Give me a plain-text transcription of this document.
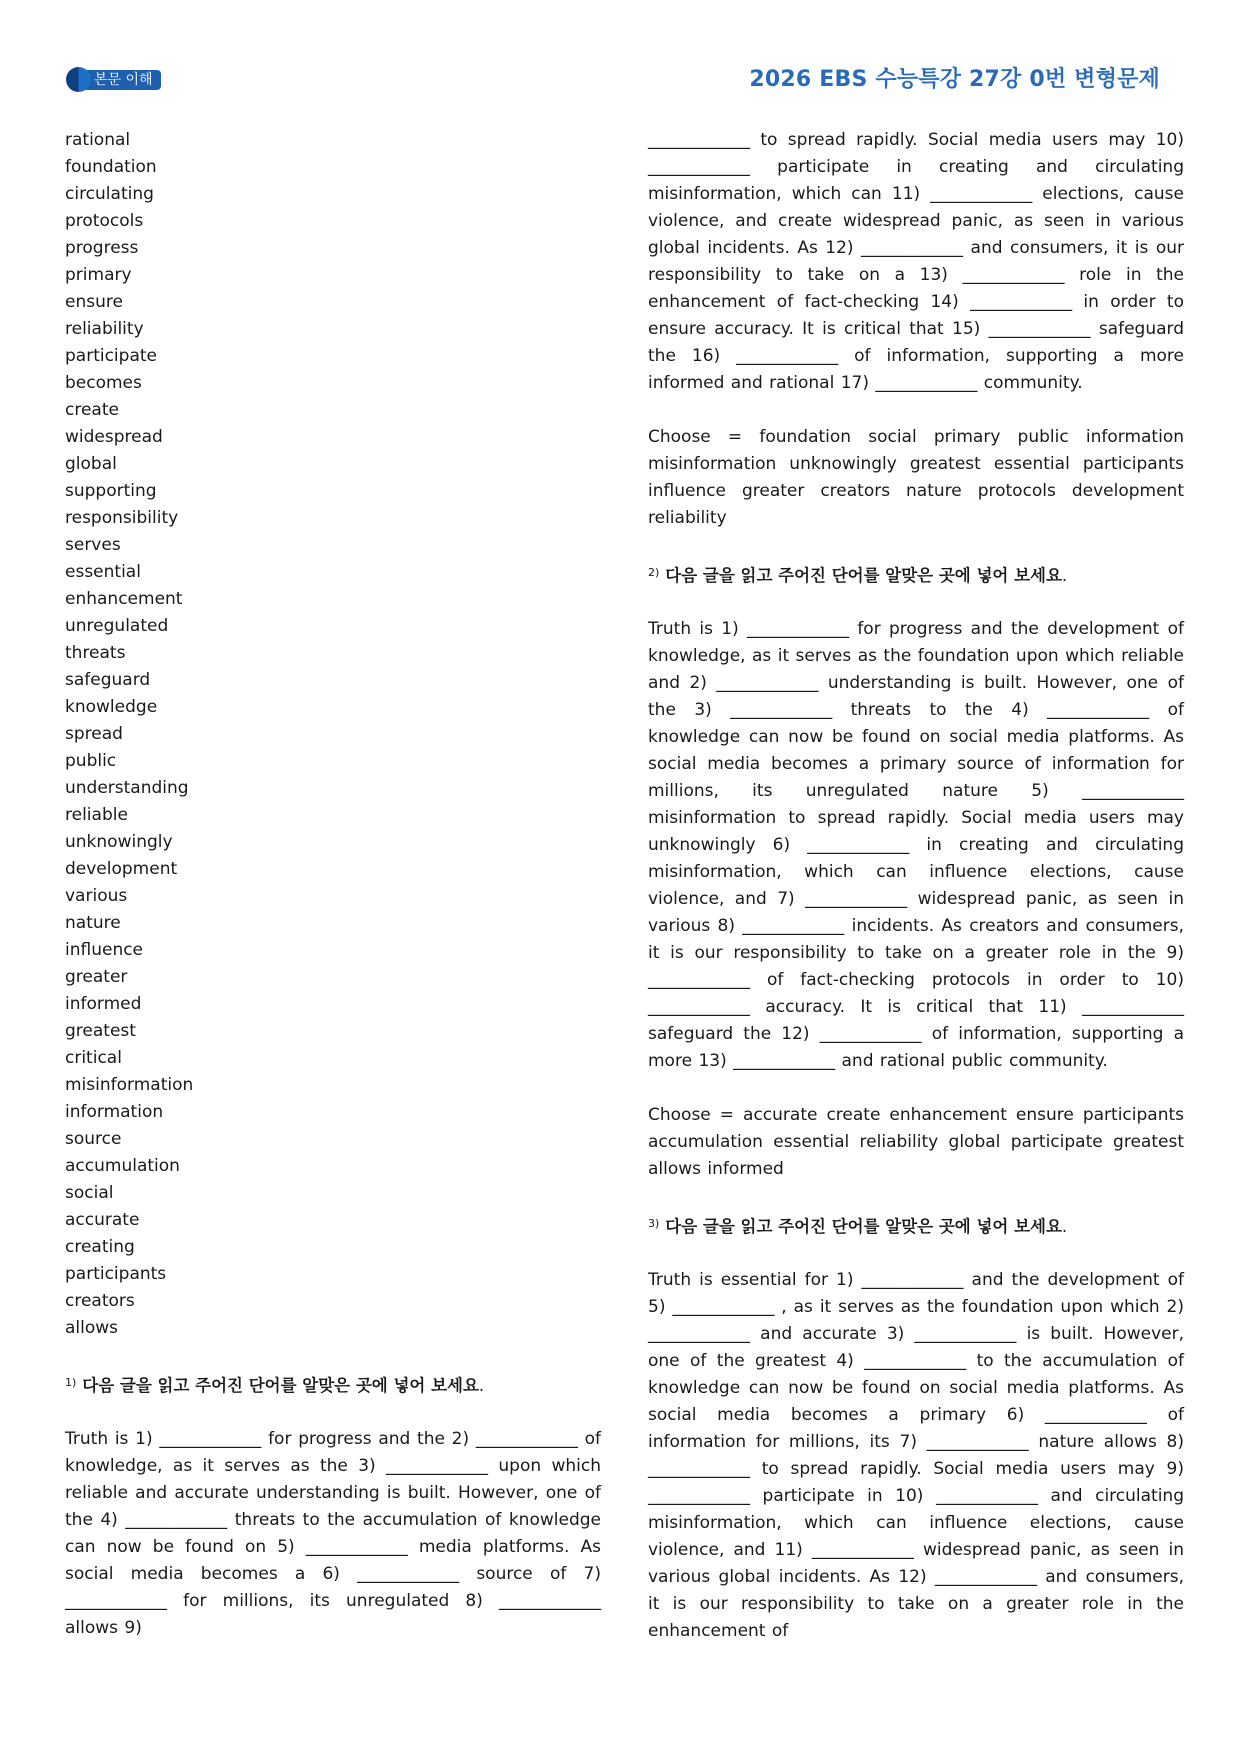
본문 이해	2026 EBS 수능특강 27강 0번 변형문제
rational
foundation
circulating
protocols
progress
primary
ensure
reliability
participate
becomes
create
widespread
global
supporting
responsibility
serves
essential
enhancement
unregulated
threats
safeguard
knowledge
spread
public
understanding
reliable
unknowingly
development
various
nature
influence
greater
informed
greatest
critical
misinformation
information
source
accumulation
social
accurate
creating
participants
creators
allows

$^{1)}$ 다음 글을 읽고 주어진 단어를 알맞은 곳에 넣어 보세요.

Truth is 1) ____________ for progress and the 2) ____________ of knowledge, as it serves as the 3) ____________ upon which reliable and accurate understanding is built. However, one of the 4) ____________ threats to the accumulation of knowledge can now be found on 5) ____________ media platforms. As social media becomes a 6) ____________ source of 7) ____________ for millions, its unregulated 8) ____________ allows 9)

____________ to spread rapidly. Social media users may 10) ____________ participate in creating and circulating misinformation, which can 11) ____________ elections, cause violence, and create widespread panic, as seen in various global incidents. As 12) ____________ and consumers, it is our responsibility to take on a 13) ____________ role in the enhancement of fact-checking 14) ____________ in order to ensure accuracy. It is critical that 15) ____________ safeguard the 16) ____________ of information, supporting a more informed and rational 17) ____________ community.

Choose = foundation social primary public information misinformation unknowingly greatest essential participants influence greater creators nature protocols development reliability

$^{2)}$ 다음 글을 읽고 주어진 단어를 알맞은 곳에 넣어 보세요.

Truth is 1) ____________ for progress and the development of knowledge, as it serves as the foundation upon which reliable and 2) ____________ understanding is built. However, one of the 3) ____________ threats to the 4) ____________ of knowledge can now be found on social media platforms. As social media becomes a primary source of information for millions, its unregulated nature 5) ____________ misinformation to spread rapidly. Social media users may unknowingly 6) ____________ in creating and circulating misinformation, which can influence elections, cause violence, and 7) ____________ widespread panic, as seen in various 8) ____________ incidents. As creators and consumers, it is our responsibility to take on a greater role in the 9) ____________ of fact-checking protocols in order to 10) ____________ accuracy. It is critical that 11) ____________ safeguard the 12) ____________ of information, supporting a more 13) ____________ and rational public community.

Choose = accurate create enhancement ensure participants accumulation essential reliability global participate greatest allows informed

$^{3)}$ 다음 글을 읽고 주어진 단어를 알맞은 곳에 넣어 보세요.

Truth is essential for 1) ____________ and the development of 5) ____________ , as it serves as the foundation upon which 2) ____________ and accurate 3) ____________ is built. However, one of the greatest 4) ____________ to the accumulation of knowledge can now be found on social media platforms. As social media becomes a primary 6) ____________ of information for millions, its 7) ____________ nature allows 8) ____________ to spread rapidly. Social media users may 9) ____________ participate in 10) ____________ and circulating misinformation, which can influence elections, cause violence, and 11) ____________ widespread panic, as seen in various global incidents. As 12) ____________ and consumers, it is our responsibility to take on a greater role in the enhancement of
